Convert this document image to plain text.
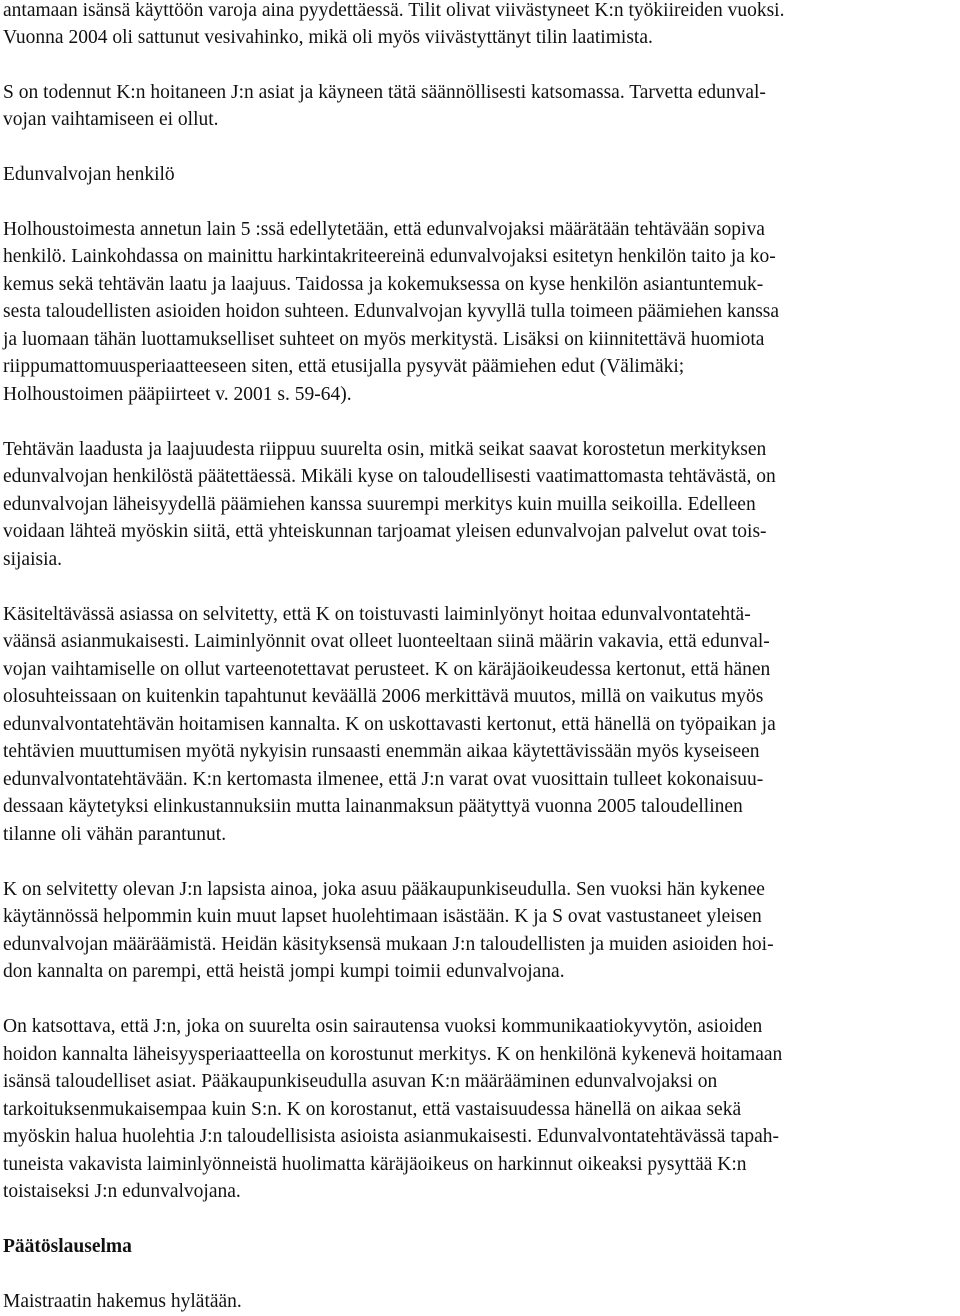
antamaan isänsä käyttöön varoja aina pyydettäessä. Tilit olivat viivästyneet K:n työkiireiden vuoksi.
Vuonna 2004 oli sattunut vesivahinko, mikä oli myös viivästyttänyt tilin laatimista.
S on todennut K:n hoitaneen J:n asiat ja käyneen tätä säännöllisesti katsomassa. Tarvetta edunval-
vojan vaihtamiseen ei ollut.
Edunvalvojan henkilö
Holhoustoimesta annetun lain 5 :ssä edellytetään, että edunvalvojaksi määrätään tehtävään sopiva
henkilö. Lainkohdassa on mainittu harkintakriteereinä edunvalvojaksi esitetyn henkilön taito ja ko-
kemus sekä tehtävän laatu ja laajuus. Taidossa ja kokemuksessa on kyse henkilön asiantuntemuk-
sesta taloudellisten asioiden hoidon suhteen. Edunvalvojan kyvyllä tulla toimeen päämiehen kanssa
ja luomaan tähän luottamukselliset suhteet on myös merkitystä. Lisäksi on kiinnitettävä huomiota
riippumattomuusperiaatteeseen siten, että etusijalla pysyvät päämiehen edut (Välimäki;
Holhoustoimen pääpiirteet v. 2001 s. 59-64).
Tehtävän laadusta ja laajuudesta riippuu suurelta osin, mitkä seikat saavat korostetun merkityksen
edunvalvojan henkilöstä päätettäessä. Mikäli kyse on taloudellisesti vaatimattomasta tehtävästä, on
edunvalvojan läheisyydellä päämiehen kanssa suurempi merkitys kuin muilla seikoilla. Edelleen
voidaan lähteä myöskin siitä, että yhteiskunnan tarjoamat yleisen edunvalvojan palvelut ovat tois-
sijaisia.
Käsiteltävässä asiassa on selvitetty, että K on toistuvasti laiminlyönyt hoitaa edunvalvontatehtä-
väänsä asianmukaisesti. Laiminlyönnit ovat olleet luonteeltaan siinä määrin vakavia, että edunval-
vojan vaihtamiselle on ollut varteenotettavat perusteet. K on käräjäoikeudessa kertonut, että hänen
olosuhteissaan on kuitenkin tapahtunut keväällä 2006 merkittävä muutos, millä on vaikutus myös
edunvalvontatehtävän hoitamisen kannalta. K on uskottavasti kertonut, että hänellä on työpaikan ja
tehtävien muuttumisen myötä nykyisin runsaasti enemmän aikaa käytettävissään myös kyseiseen
edunvalvontatehtävään. K:n kertomasta ilmenee, että J:n varat ovat vuosittain tulleet kokonaisuu-
dessaan käytetyksi elinkustannuksiin mutta lainanmaksun päätyttyä vuonna 2005 taloudellinen
tilanne oli vähän parantunut.
K on selvitetty olevan J:n lapsista ainoa, joka asuu pääkaupunkiseudulla. Sen vuoksi hän kykenee
käytännössä helpommin kuin muut lapset huolehtimaan isästään. K ja S ovat vastustaneet yleisen
edunvalvojan määräämistä. Heidän käsityksensä mukaan J:n taloudellisten ja muiden asioiden hoi-
don kannalta on parempi, että heistä jompi kumpi toimii edunvalvojana.
On katsottava, että J:n, joka on suurelta osin sairautensa vuoksi kommunikaatiokyvytön, asioiden
hoidon kannalta läheisyysperiaatteella on korostunut merkitys. K on henkilönä kykenevä hoitamaan
isänsä taloudelliset asiat. Pääkaupunkiseudulla asuvan K:n määrääminen edunvalvojaksi on
tarkoituksenmukaisempaa kuin S:n. K on korostanut, että vastaisuudessa hänellä on aikaa sekä
myöskin halua huolehtia J:n taloudellisista asioista asianmukaisesti. Edunvalvontatehtävässä tapah-
tuneista vakavista laiminlyönneistä huolimatta käräjäoikeus on harkinnut oikeaksi pysyttää K:n
toistaiseksi J:n edunvalvojana.
Päätöslauselma
Maistraatin hakemus hylätään.
